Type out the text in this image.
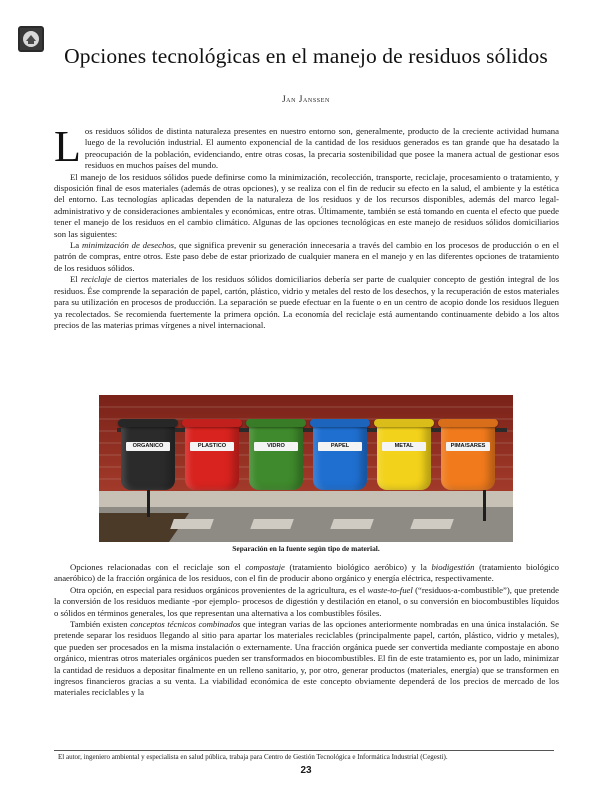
Opciones tecnológicas en el manejo de residuos sólidos
Jan Janssen

Los residuos sólidos de distinta naturaleza presentes en nuestro entorno son, generalmente, producto de la creciente actividad humana luego de la revolución industrial. El aumento exponencial de la cantidad de los residuos generados es tan grande que ha desatado la preocupación de la población, evidenciando, entre otras cosas, la precaria sostenibilidad que posee la manera actual de gestionar esos residuos en muchos países del mundo.

El manejo de los residuos sólidos puede definirse como la minimización, recolección, transporte, reciclaje, procesamiento o tratamiento, y disposición final de esos materiales (además de otras opciones), y se realiza con el fin de reducir su efecto en la salud, el ambiente y la estética del entorno. Las tecnologías aplicadas dependen de la naturaleza de los residuos y de los recursos disponibles, además del marco legal-administrativo y de consideraciones ambientales y económicas, entre otras. Últimamente, también se está tomando en cuenta el efecto que puede tener el manejo de los residuos en el cambio climático. Algunas de las opciones tecnológicas en este manejo de residuos sólidos domiciliarios son las siguientes:

La minimización de desechos, que significa prevenir su generación innecesaria a través del cambio en los procesos de producción o en el patrón de compras, entre otros. Este paso debe de estar priorizado de cualquier manera en el manejo y en las diferentes opciones de tratamiento de los residuos sólidos.

El reciclaje de ciertos materiales de los residuos sólidos domiciliarios debería ser parte de cualquier concepto de gestión integral de los residuos. Ése comprende la separación de papel, cartón, plástico, vidrio y metales del resto de los desechos, y la recuperación de estos materiales para su utilización en procesos de producción. La separación se puede efectuar en la fuente o en un centro de acopio donde los residuos lleguen ya recolectados. Se recomienda fuertemente la primera opción. La economía del reciclaje está aumentando continuamente debido a los altos precios de las materias primas vírgenes a nivel internacional.

ORGANICO	PLASTICO	VIDRO	PAPEL	METAL	PIMA/SARES
Separación en la fuente según tipo de material.

Opciones relacionadas con el reciclaje son el compostaje (tratamiento biológico aeróbico) y la biodigestión (tratamiento biológico anaeróbico) de la fracción orgánica de los residuos, con el fin de producir abono orgánico y energía eléctrica, respectivamente.

Otra opción, en especial para residuos orgánicos provenientes de la agricultura, es el waste-to-fuel (“residuos-a-combustible”), que pretende la conversión de los residuos mediante -por ejemplo- procesos de digestión y destilación en etanol, o su conversión en biocombustibles líquidos o sólidos en términos generales, los que representan una alternativa a los combustibles fósiles.

También existen conceptos técnicos combinados que integran varias de las opciones anteriormente nombradas en una única instalación. Se pretende separar los residuos llegando al sitio para apartar los materiales reciclables (principalmente papel, cartón, plástico, vidrio y metales), que pueden ser procesados en la misma instalación o externamente. Una fracción orgánica puede ser convertida mediante compostaje en abono orgánico, mientras otros materiales orgánicos pueden ser transformados en biocombustibles. El fin de este tratamiento es, por un lado, minimizar la cantidad de residuos a depositar finalmente en un relleno sanitario, y, por otro, generar productos (materiales, energía) que se transformen en ingresos financieros gracias a su venta. La viabilidad económica de este concepto obviamente dependerá de los precios de mercado de los materiales reciclables y la

El autor, ingeniero ambiental y especialista en salud pública, trabaja para Centro de Gestión Tecnológica e Informática Industrial (Cegesti).
23
